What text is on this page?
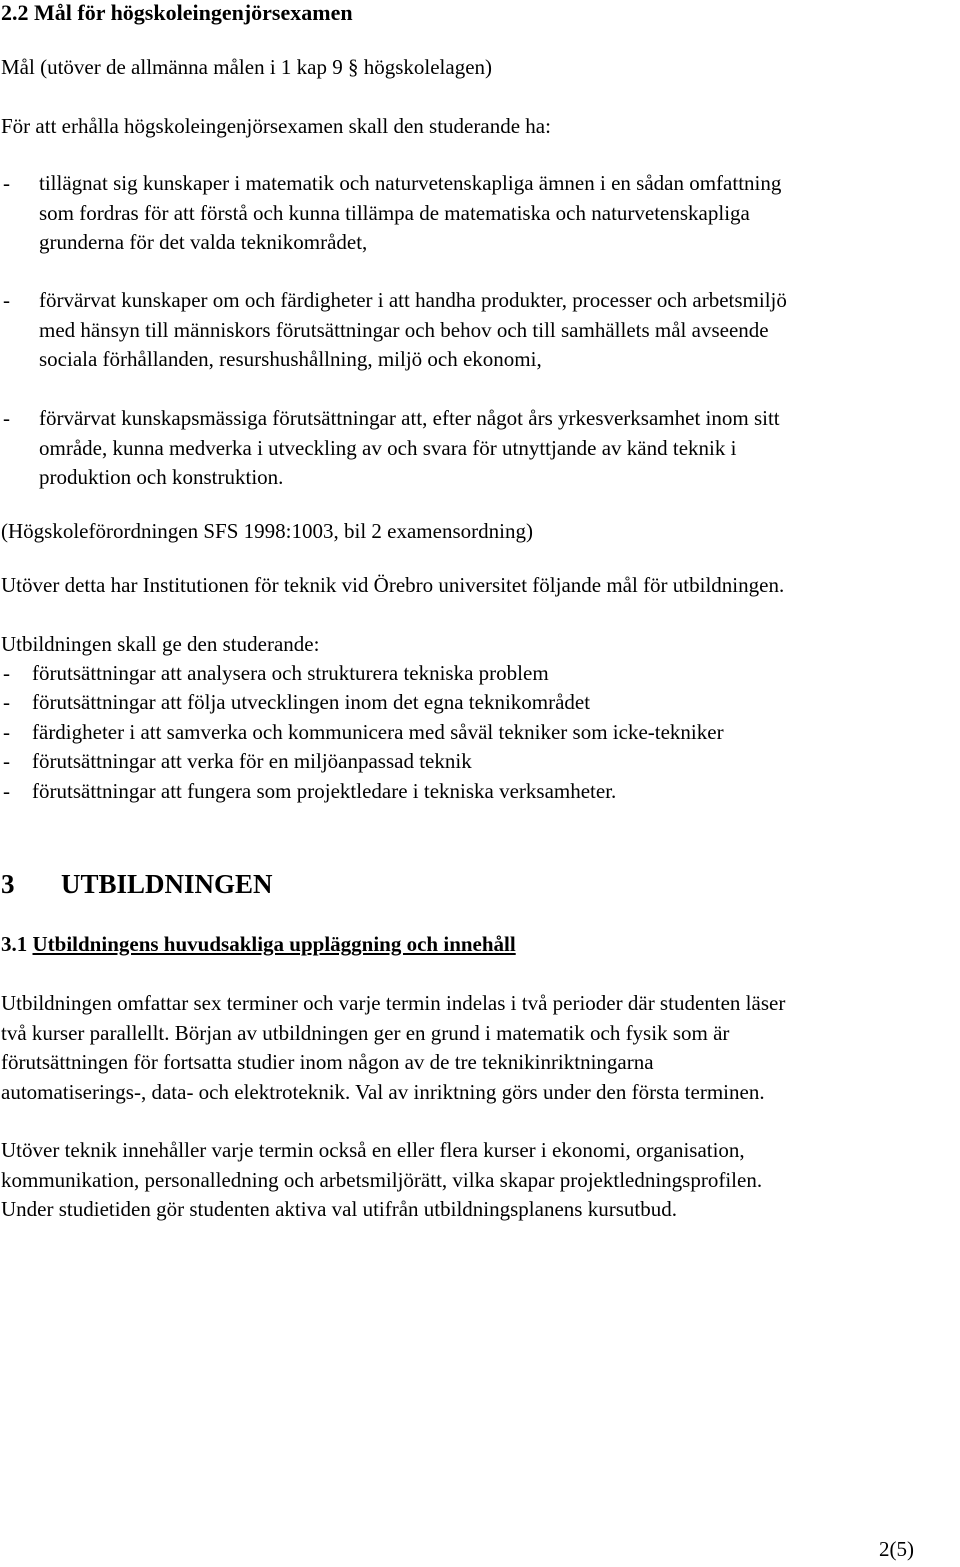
2.2 Mål för högskoleingenjörsexamen

Mål (utöver de allmänna målen i 1 kap 9 § högskolelagen)

För att erhålla högskoleingenjörsexamen skall den studerande ha:

- tillägnat sig kunskaper i matematik och naturvetenskapliga ämnen i en sådan omfattning
som fordras för att förstå och kunna tillämpa de matematiska och naturvetenskapliga
grunderna för det valda teknikområdet,
- förvärvat kunskaper om och färdigheter i att handha produkter, processer och arbetsmiljö
med hänsyn till människors förutsättningar och behov och till samhällets mål avseende
sociala förhållanden, resurshushållning, miljö och ekonomi,
- förvärvat kunskapsmässiga förutsättningar att, efter något års yrkesverksamhet inom sitt
område, kunna medverka i utveckling av och svara för utnyttjande av känd teknik i
produktion och konstruktion.

(Högskoleförordningen SFS 1998:1003, bil 2 examensordning)

Utöver detta har Institutionen för teknik vid Örebro universitet följande mål för utbildningen.

Utbildningen skall ge den studerande:

- förutsättningar att analysera och strukturera tekniska problem
- förutsättningar att följa utvecklingen inom det egna teknikområdet
- färdigheter i att samverka och kommunicera med såväl tekniker som icke-tekniker
- förutsättningar att verka för en miljöanpassad teknik
- förutsättningar att fungera som projektledare i tekniska verksamheter.
3 UTBILDNINGEN
3.1 Utbildningens huvudsakliga uppläggning och innehåll
Utbildningen omfattar sex terminer och varje termin indelas i två perioder där studenten läser
två kurser parallellt. Början av utbildningen ger en grund i matematik och fysik som är
förutsättningen för fortsatta studier inom någon av de tre teknikinriktningarna
automatiserings-, data- och elektroteknik. Val av inriktning görs under den första terminen.
Utöver teknik innehåller varje termin också en eller flera kurser i ekonomi, organisation,
kommunikation, personalledning och arbetsmiljörätt, vilka skapar projektledningsprofilen.
Under studietiden gör studenten aktiva val utifrån utbildningsplanens kursutbud.
2(5)
